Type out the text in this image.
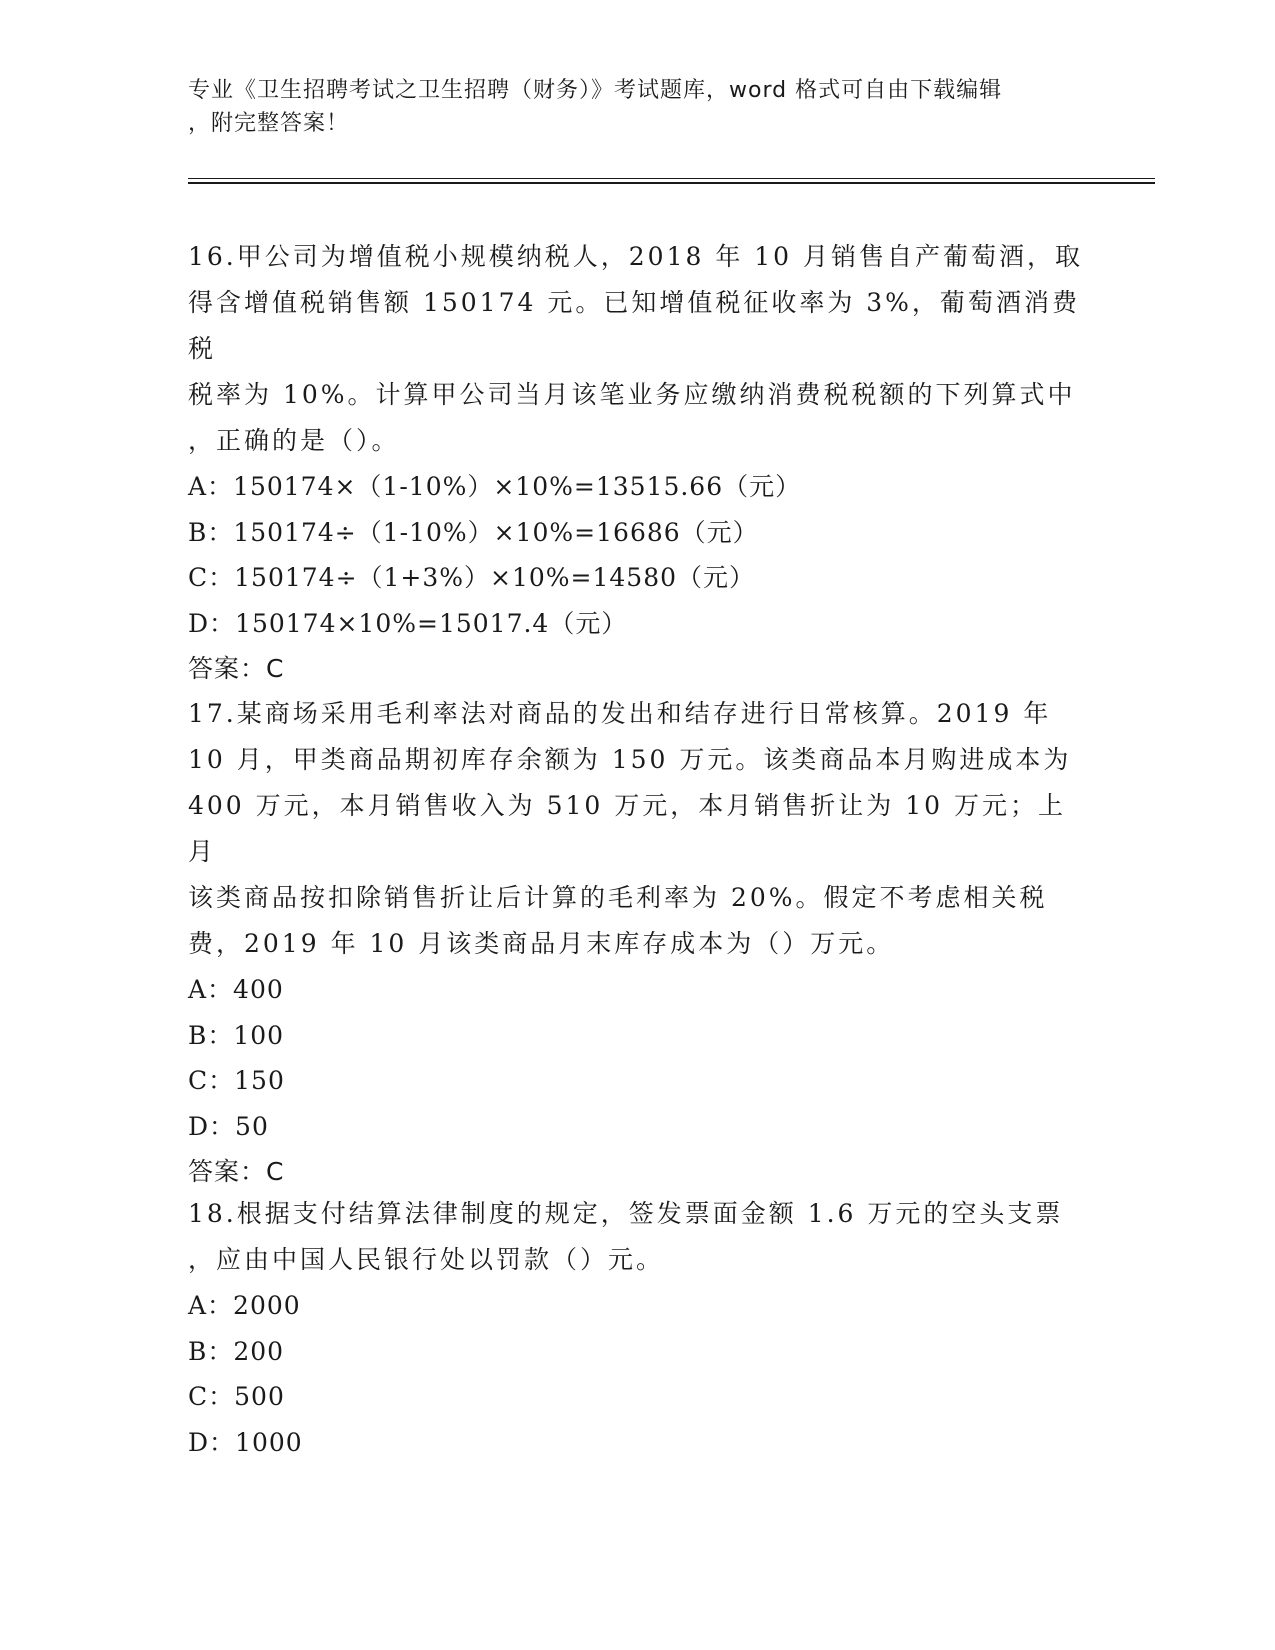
专业《卫生招聘考试之卫生招聘（财务）》考试题库，word 格式可自由下载编辑
，附完整答案！

16.甲公司为增值税小规模纳税人，2018 年 10 月销售自产葡萄酒，取

得含增值税销售额 150174 元。已知增值税征收率为 3%，葡萄酒消费税

税率为 10%。计算甲公司当月该笔业务应缴纳消费税税额的下列算式中

，正确的是（）。

A：150174×（1-10%）×10%=13515.66（元）

B：150174÷（1-10%）×10%=16686（元）

C：150174÷（1+3%）×10%=14580（元）

D：150174×10%=15017.4（元）

答案：C

17.某商场采用毛利率法对商品的发出和结存进行日常核算。2019 年

10 月，甲类商品期初库存余额为 150 万元。该类商品本月购进成本为

400 万元，本月销售收入为 510 万元，本月销售折让为 10 万元；上月

该类商品按扣除销售折让后计算的毛利率为 20%。假定不考虑相关税

费，2019 年 10 月该类商品月末库存成本为（）万元。

A：400

B：100

C：150

D：50

答案：C

18.根据支付结算法律制度的规定，签发票面金额 1.6 万元的空头支票

，应由中国人民银行处以罚款（）元。

A：2000

B：200

C：500

D：1000
